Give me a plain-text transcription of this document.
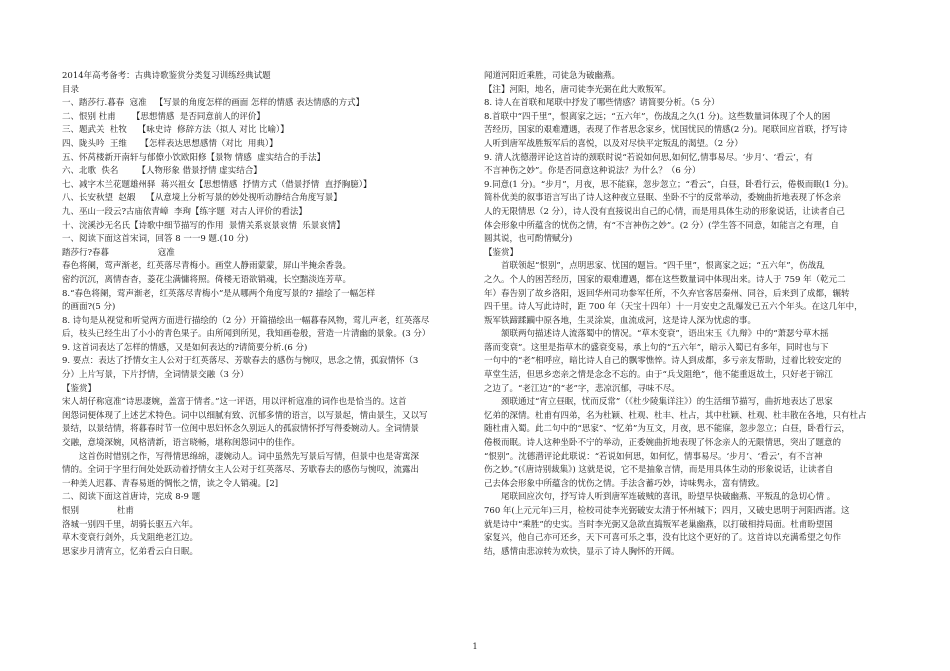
2014年高考备考：古典诗歌鉴赏分类复习训练经典试题

目录

一、踏莎行.暮春  寇准   【写景的角度怎样的画面 怎样的情感 表达情感的方式】

二、恨别 杜甫      【思想情感  是否同意前人的评价】

三、题武关  杜牧    【咏史诗  修辞方法（拟人 对比 比喻）】

四、陇头吟  王维     【怎样表达思想感情（对比  用典）】

五、怀莴楼新开南轩与郁僚小饮欧阳修【景物 情感  虚实结合的手法】

六、北歌  佚名       【人物形象 借景抒情 虚实结合】

七、减字木兰花题雄州驿  蒋兴祖女【思想情感  抒情方式（借景抒情  直抒胸臆）】

八、长安秋望  赵嘏    【从意境上分析写景的妙处视听动静结合角度写景】

九、巫山一段云?古庙依青嶂  李珣【练字题  对古人评价的看法】

十、浣溪沙无名氏【诗歌中细节描写的作用  景情关系哀景哀情  乐景哀情】

一、阅读下面这首宋词，回答 8 一一9 题.(10 分)

踏莎行?春暮                  寇准

春色将阑，莺声渐老，红英落尽青梅小。画堂人静雨蒙蒙，屏山半掩余香袅。

密约沉沉，离情杳杳，菱花尘满慵将照。倚楼无语欲销魂，长空黯淡连芳草。

8.“春色将阑，莺声渐老，红英落尽青梅小”是从哪两个角度写景的? 描绘了一幅怎样

的画面?(5 分)

8. 诗句是从视觉和听觉两方面进行描绘的（2 分）开篇描绘出一幅暮春风物，莺儿声老，红英落尽

后，枝头已经生出了小小的青色果子。由所闻到所见，我知画卷般，营造一片清幽的景象。(3 分）

9. 这首词表达了怎样的情感，又是如何表达的?请简要分析.(6 分)

9. 要点：表达了抒情女主人公对于红英落尽、芳歇春去的感伤与惋叹，思念之情，孤寂情怀（3

分）上片写景，下片抒情，全词情景交融（3 分）

【鉴赏】

宋人胡仔称寇准“诗思凄婉，盖富于情者。”这一评语，用以评析寇准的词作也是恰当的。这首

闺怨词便体现了上述艺术特色。词中以细腻有致、沉郁多情的语言，以写景起，情由景生，又以写

景结，以景结情，将暮春时节一位闺中思妇怀念久别远人的孤寂情怀抒写得委婉动人。全词情景

交融，意境深婉，风格清新，语言晓畅，堪称闺怨词中的佳作。

这首伤时惜别之作，写得情思绵绵，凄婉动人。词中虽然先写景后写情，但景中也是寄寓深

情的。全词于字里行间处处跃动着抒情女主人公对于红英落尽、芳歇春去的感伤与惋叹，流露出

一种美人迟暮、青春易逝的惆怅之情，读之令人销魂。[2]

二、阅读下面这首唐诗，完成 8-9 题

恨别              杜甫

洛城一别四千里，胡骑长驱五六年。

草木变衰行剑外，兵戈阻绝老江边。

思家步月清宵立，忆弟看云白日眠。

闻道河阳近乘胜，司徒急为破幽燕。

【注】河阳，地名，唐司徒李光弼在此大败叛军。

8. 诗人在首联和尾联中抒发了哪些情感？请简要分析。（5 分）

8.首联中“四千里”，恨离家之远；“五六年”，伤战乱之久(1 分)。这些数量词体现了个人的困

苦经历，国家的艰难遭遇，表现了作者思念家乡，忧国忧民的情感(2 分)。尾联回应首联，抒写诗

人听到唐军战胜叛军后的喜悦，以及对尽快平定叛乱的渴望。（2 分）

9. 清人沈德潜评论这首诗的颈联时说“若说如何思,如何忆,情事易尽。‘步月’、‘看云’，有

不言神伤之妙”。你是否同意这种说法？为什么？（6 分）

9.同意(1 分)。“步月”，月夜，思不能寐，忽步忽立；“看云”，白昼，卧看行云，倦极而眠(1 分)。

简朴优美的叙事语言写出了诗人这种夜立昼眠、坐卧不宁的反常举动，委婉曲折地表现了怀念亲

人的无限情思（2 分），诗人没有直接说出自己的心情，而是用具体生动的形象说话，让读者自己

体会形象中所蕴含的忧伤之情，有“不言神伤之妙”。(2 分）(学生答不同意，如能言之有理，自

圆其说，也可酌情赋分)

【鉴赏】

首联领起“恨别”，点明思家、忧国的题旨。“四千里”，恨离家之远；“五六年”，伤战乱

之久。个人的困苦经历，国家的艰难遭遇，都在这些数量词中体现出来。诗人于 759 年（乾元二

年）春告别了故乡洛阳，返回华州司功参军任所，不久弃官客居秦州、同谷，后来到了成都，辗转

四千里。诗人写此诗时，距 700 年（天宝十四年）十一月安史之乱爆发已五六个年头。在这几年中，

叛军铁蹄蹂躏中原各地，生灵涂炭，血流成河，这是诗人深为忧虑的事。

颔联两句描述诗人流落蜀中的情况。“草木变衰”，语出宋玉《九辩》中的“萧瑟兮草木摇

落而变衰”。这里是指草木的盛衰变易，承上句的“五六年”，暗示入蜀已有多年，同时也与下

一句中的“老”相呼应，暗比诗人自己的飘零憔悴。诗人到成都，多亏亲友帮助，过着比较安定的

草堂生活，但思乡恋亲之情是念念不忘的。由于“兵戈阻绝”，他不能重返故土，只好老于锦江

之边了。“老江边”的“老”字，悲凉沉郁，寻味不尽。

颈联通过“宵立昼眠，忧而反常”（《杜少陵集详注》）的生活细节描写，曲折地表达了思家

忆弟的深情。杜甫有四弟，名为杜颖、杜观、杜丰、杜占，其中杜颖、杜观、杜丰散在各地，只有杜占

随杜甫入蜀。此二句中的“思家”、“忆弟”为互文，月夜，思不能寐，忽步忽立；白昼，卧看行云，

倦极而眠。诗人这种坐卧不宁的举动，正委婉曲折地表现了怀念亲人的无限情思，突出了题意的

“恨别”。沈德潜评论此联说：“若说如何思，如何忆，情事易尽。‘步月’、‘看云’，有不言神

伤之妙。”(《唐诗别裁集》) 这就是说，它不是抽象言情，而是用具体生动的形象说话，让读者自

己去体会形象中所蕴含的忧伤之情。手法含蓄巧妙，诗味隽永，富有情致。

尾联回应次句，抒写诗人听到唐军连破贼的喜讯，盼望早快破幽燕、平叛乱的急切心情 。

760 年(上元元年)三月，检校司徒李光弼破安太清于怀州城下；四月，又破史思明于河阳西渚。这

就是诗中“乘胜”的史实。当时李光弼又急欲直捣叛军老巢幽燕，以打破相持局面。杜甫盼望国

家复兴，他自己亦可还乡，天下可喜可乐之事，没有比这个更好的了。这首诗以充满希望之句作

结，感情由悲凉转为欢快，显示了诗人胸怀的开阔。

1
